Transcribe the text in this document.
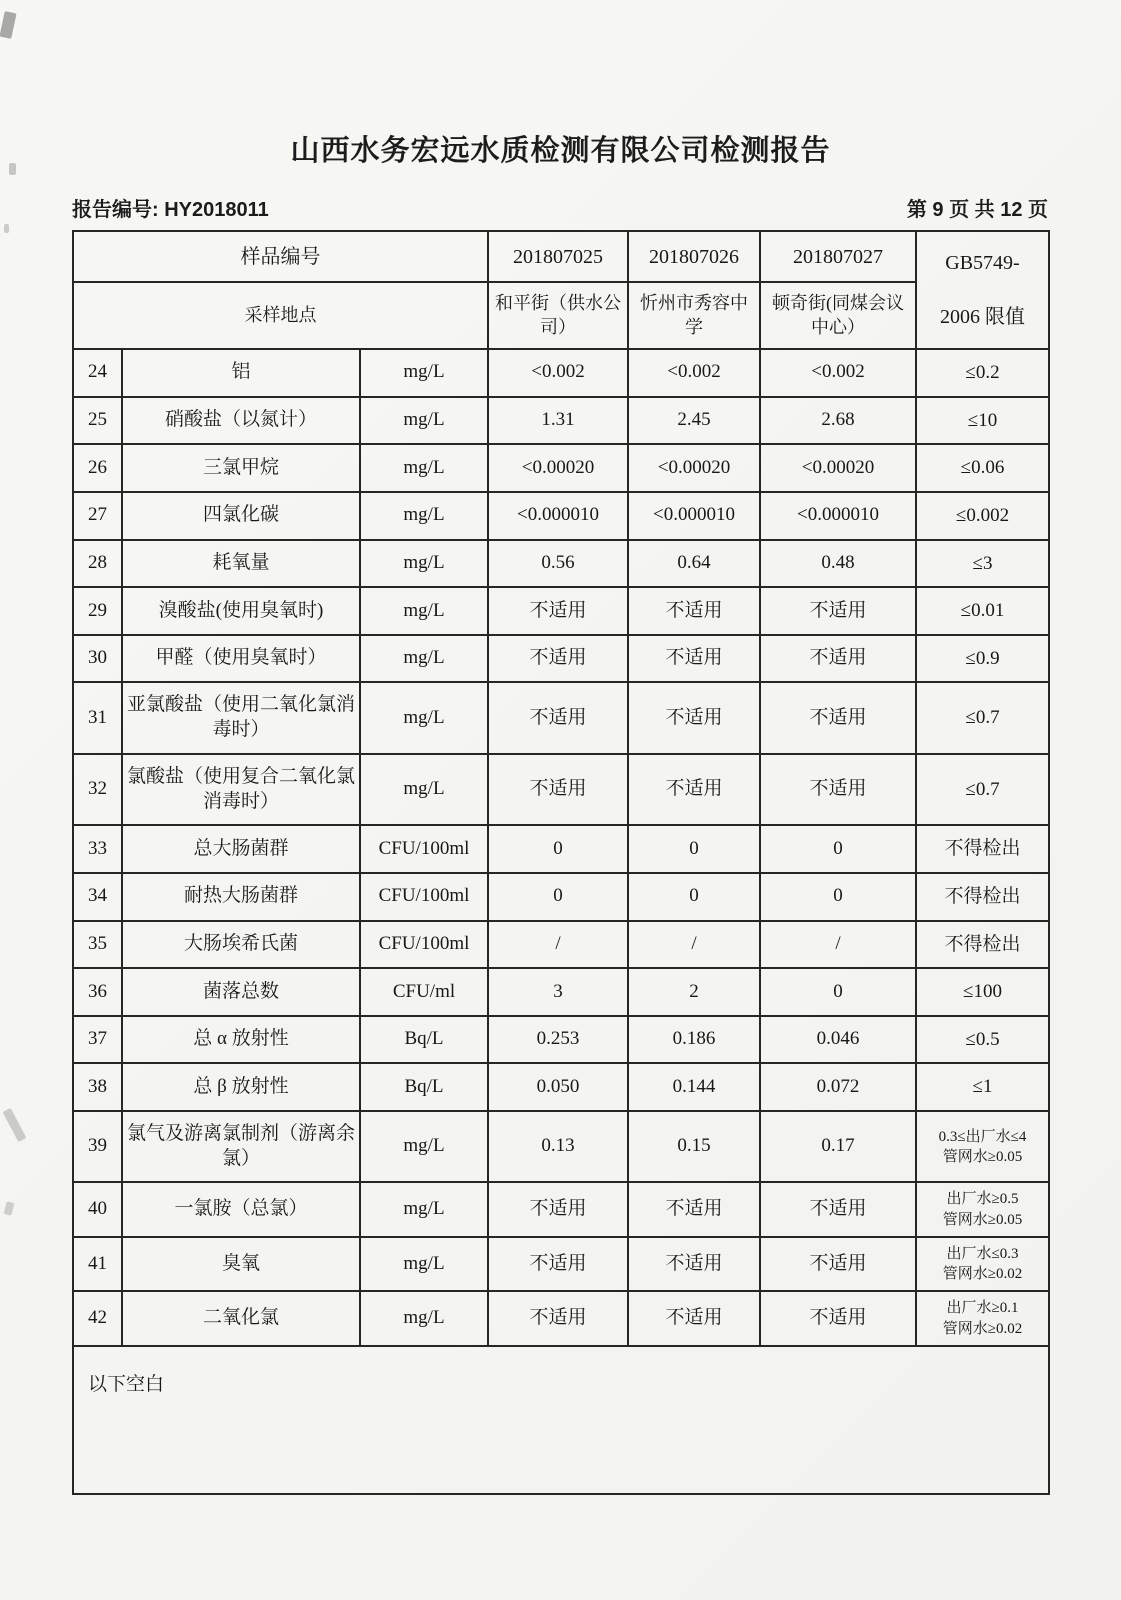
山西水务宏远水质检测有限公司检测报告
报告编号: HY2018011	第 9 页 共 12 页
样品编号			201807025	201807026	201807027	GB5749-
2006 限值

采样地点			和平街（供水公司）	忻州市秀容中学	顿奇街(同煤会议中心）	
24	铝	mg/L	<0.002	<0.002	<0.002	≤0.2

25	硝酸盐（以氮计）	mg/L	1.31	2.45	2.68	≤10

26	三氯甲烷	mg/L	<0.00020	<0.00020	<0.00020	≤0.06

27	四氯化碳	mg/L	<0.000010	<0.000010	<0.000010	≤0.002

28	耗氧量	mg/L	0.56	0.64	0.48	≤3

29	溴酸盐(使用臭氧时)	mg/L	不适用	不适用	不适用	≤0.01

30	甲醛（使用臭氧时）	mg/L	不适用	不适用	不适用	≤0.9

31	亚氯酸盐（使用二氧化氯消毒时）	mg/L	不适用	不适用	不适用	≤0.7

32	氯酸盐（使用复合二氧化氯消毒时）	mg/L	不适用	不适用	不适用	≤0.7

33	总大肠菌群	CFU/100ml	0	0	0	不得检出

34	耐热大肠菌群	CFU/100ml	0	0	0	不得检出

35	大肠埃希氏菌	CFU/100ml	/	/	/	不得检出

36	菌落总数	CFU/ml	3	2	0	≤100

37	总 α 放射性	Bq/L	0.253	0.186	0.046	≤0.5

38	总 β 放射性	Bq/L	0.050	0.144	0.072	≤1

39	氯气及游离氯制剂（游离余氯）	mg/L	0.13	0.15	0.17	0.3≤出厂水≤4
管网水≥0.05

40	一氯胺（总氯）	mg/L	不适用	不适用	不适用	出厂水≥0.5
管网水≥0.05

41	臭氧	mg/L	不适用	不适用	不适用	出厂水≤0.3
管网水≥0.02

42	二氧化氯	mg/L	不适用	不适用	不适用	出厂水≥0.1
管网水≥0.02

以下空白						
